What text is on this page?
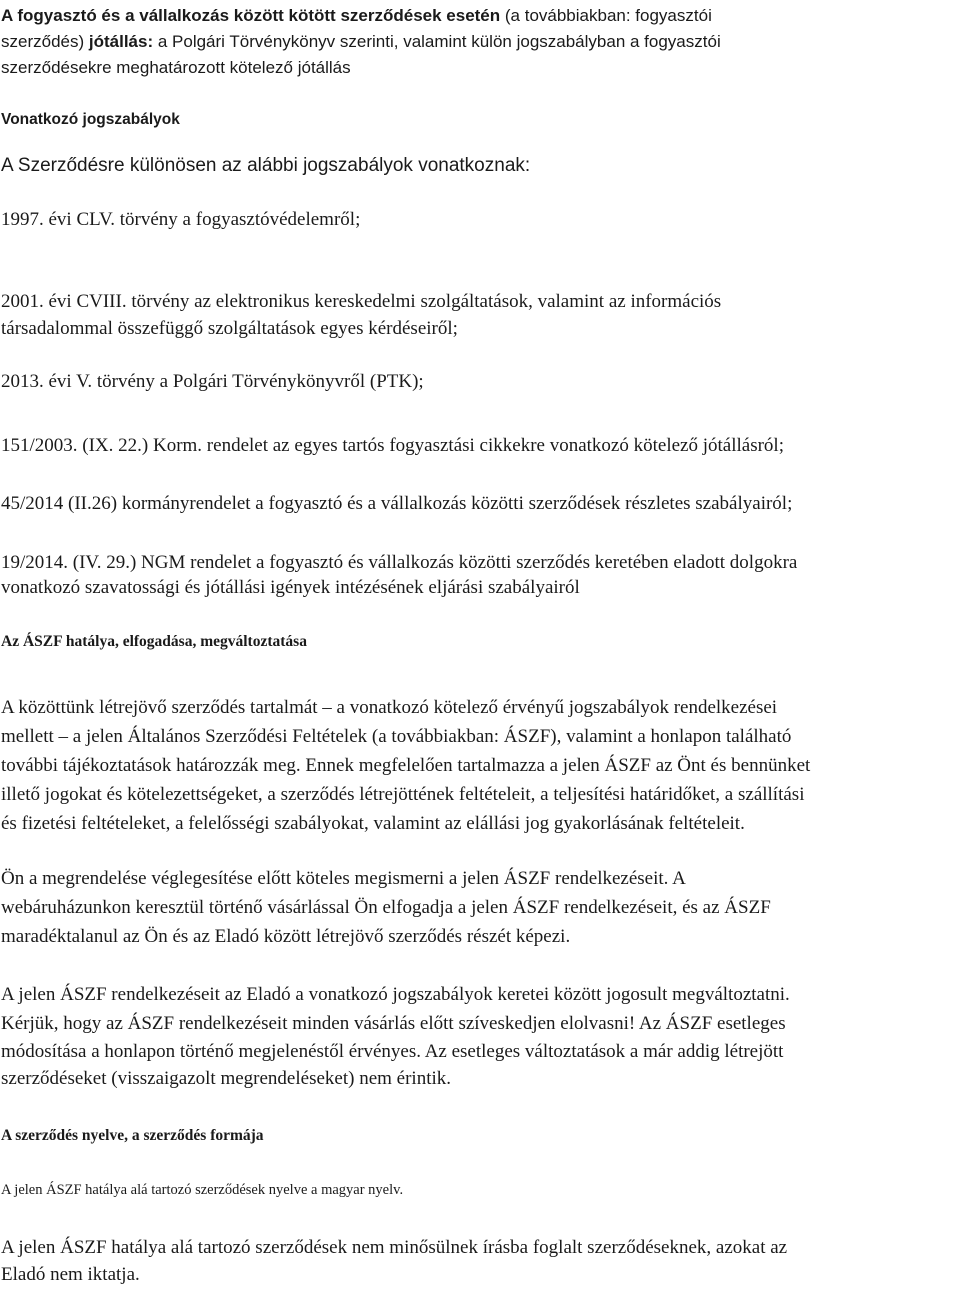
A fogyasztó és a vállalkozás között kötött szerződések esetén (a továbbiakban: fogyasztói

szerződés) jótállás: a Polgári Törvénykönyv szerinti, valamint külön jogszabályban a fogyasztói

szerződésekre meghatározott kötelező jótállás

Vonatkozó jogszabályok

A Szerződésre különösen az alábbi jogszabályok vonatkoznak:

1997. évi CLV. törvény a fogyasztóvédelemről;

2001. évi CVIII. törvény az elektronikus kereskedelmi szolgáltatások, valamint az információs

társadalommal összefüggő szolgáltatások egyes kérdéseiről;

2013. évi V. törvény a Polgári Törvénykönyvről (PTK);

151/2003. (IX. 22.) Korm. rendelet az egyes tartós fogyasztási cikkekre vonatkozó kötelező jótállásról;

45/2014 (II.26) kormányrendelet a fogyasztó és a vállalkozás közötti szerződések részletes szabályairól;

19/2014. (IV. 29.) NGM rendelet a fogyasztó és vállalkozás közötti szerződés keretében eladott dolgokra

vonatkozó szavatossági és jótállási igények intézésének eljárási szabályairól

Az ÁSZF hatálya, elfogadása, megváltoztatása

A közöttünk létrejövő szerződés tartalmát – a vonatkozó kötelező érvényű jogszabályok rendelkezései

mellett – a jelen Általános Szerződési Feltételek (a továbbiakban: ÁSZF), valamint a honlapon található

további tájékoztatások határozzák meg. Ennek megfelelően tartalmazza a jelen ÁSZF az Önt és bennünket

illető jogokat és kötelezettségeket, a szerződés létrejöttének feltételeit, a teljesítési határidőket, a szállítási

és fizetési feltételeket, a felelősségi szabályokat, valamint az elállási jog gyakorlásának feltételeit.

Ön a megrendelése véglegesítése előtt köteles megismerni a jelen ÁSZF rendelkezéseit. A

webáruházunkon keresztül történő vásárlással Ön elfogadja a jelen ÁSZF rendelkezéseit, és az ÁSZF

maradéktalanul az Ön és az Eladó között létrejövő szerződés részét képezi.

A jelen ÁSZF rendelkezéseit az Eladó a vonatkozó jogszabályok keretei között jogosult megváltoztatni.

Kérjük, hogy az ÁSZF rendelkezéseit minden vásárlás előtt szíveskedjen elolvasni! Az ÁSZF esetleges

módosítása a honlapon történő megjelenéstől érvényes. Az esetleges változtatások a már addig létrejött

szerződéseket (visszaigazolt megrendeléseket) nem érintik.

A szerződés nyelve, a szerződés formája

A jelen ÁSZF hatálya alá tartozó szerződések nyelve a magyar nyelv.

A jelen ÁSZF hatálya alá tartozó szerződések nem minősülnek írásba foglalt szerződéseknek, azokat az

Eladó nem iktatja.
